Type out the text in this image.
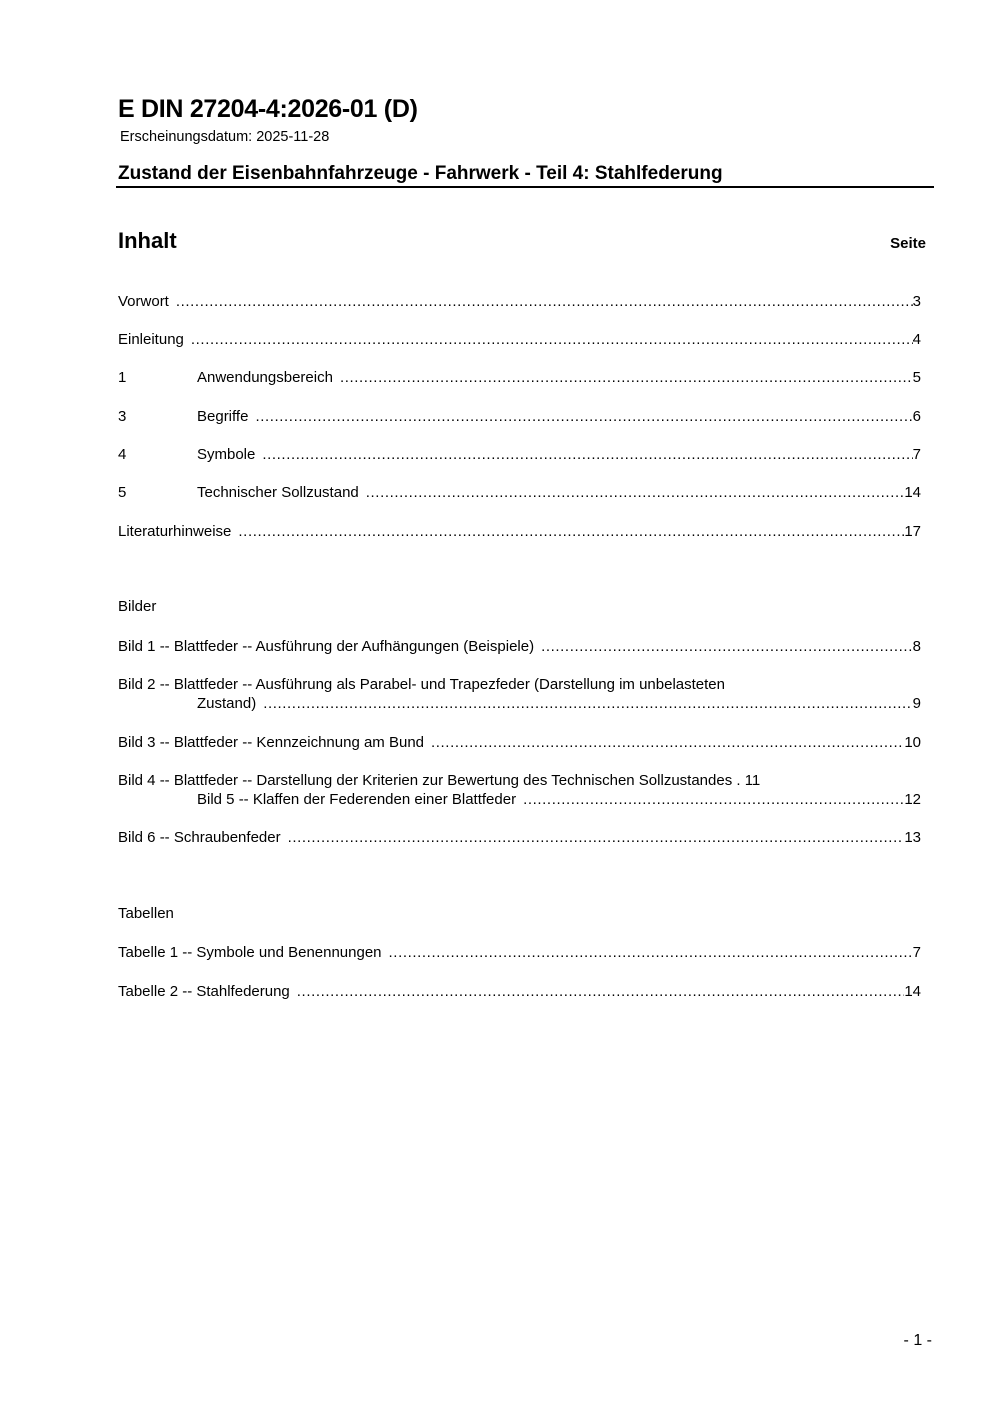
E DIN 27204-4:2026-01 (D)
Erscheinungsdatum: 2025-11-28
Zustand der Eisenbahnfahrzeuge - Fahrwerk - Teil 4: Stahlfederung
Inhalt	Seite
Vorwort .....	3
Einleitung .....	4
1	Anwendungsbereich .....	5
3	Begriffe .....	6
4	Symbole .....	7
5	Technischer Sollzustand .....	14
Literaturhinweise .....	17
Bilder
Bild 1 -- Blattfeder -- Ausführung der Aufhängungen (Beispiele) .....	8
Bild 2 -- Blattfeder -- Ausführung als Parabel- und Trapezfeder (Darstellung im unbelasteten
Zustand) .....	9
Bild 3 -- Blattfeder -- Kennzeichnung am Bund .....	10
Bild 4 -- Blattfeder -- Darstellung der Kriterien zur Bewertung des Technischen Sollzustandes . 11
Bild 5 -- Klaffen der Federenden einer Blattfeder .....	12
Bild 6 -- Schraubenfeder .....	13
Tabellen
Tabelle 1 -- Symbole und Benennungen .....	7
Tabelle 2 -- Stahlfederung .....	14
- 1 -
